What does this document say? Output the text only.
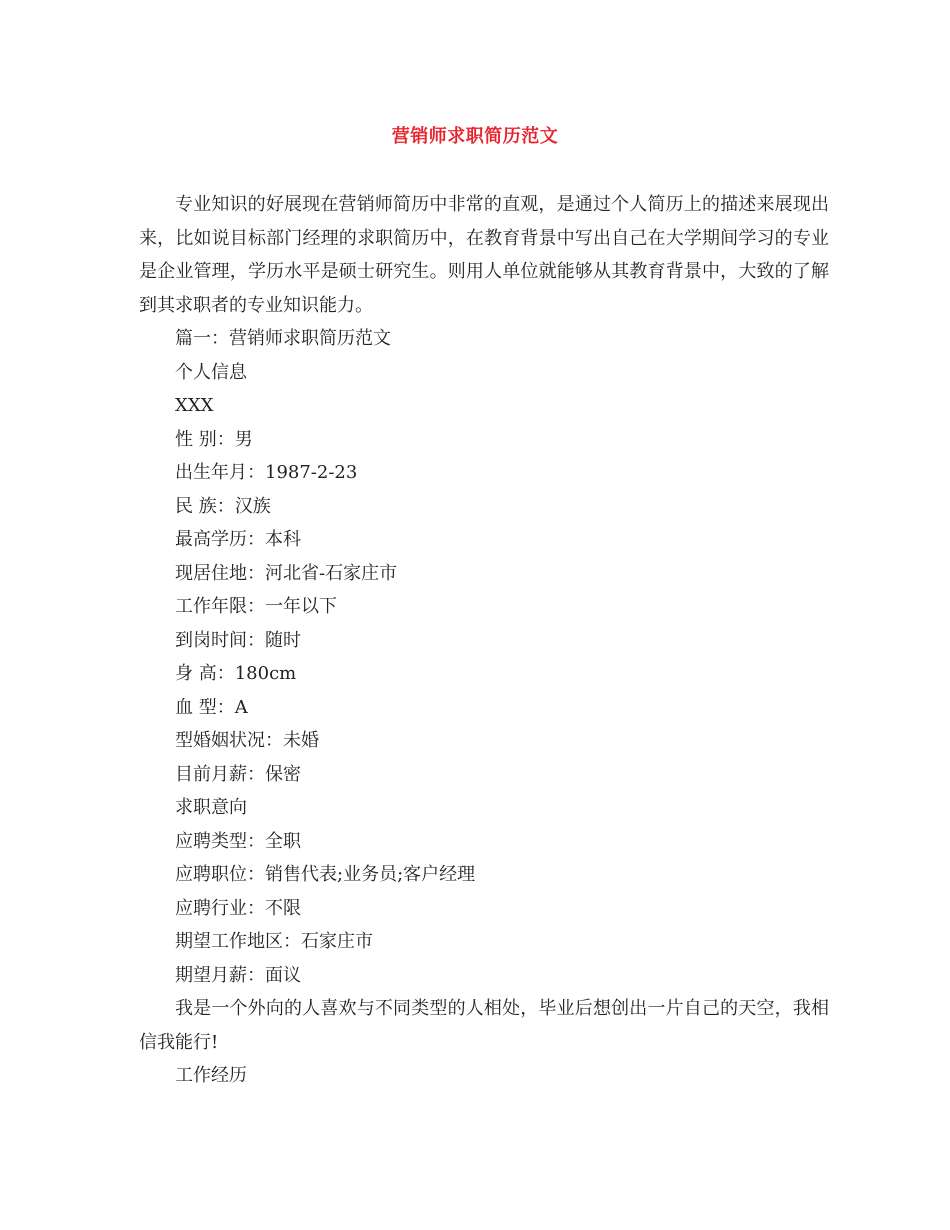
营销师求职简历范文

专业知识的好展现在营销师简历中非常的直观，是通过个人简历上的描述来展现出来，比如说目标部门经理的求职简历中，在教育背景中写出自己在大学期间学习的专业是企业管理，学历水平是硕士研究生。则用人单位就能够从其教育背景中，大致的了解到其求职者的专业知识能力。

篇一：营销师求职简历范文

个人信息

XXX

性 别：男

出生年月：1987-2-23

民 族：汉族

最高学历：本科

现居住地：河北省-石家庄市

工作年限：一年以下

到岗时间：随时

身 高：180cm

血 型：A

型婚姻状况：未婚

目前月薪：保密

求职意向

应聘类型：全职

应聘职位：销售代表;业务员;客户经理

应聘行业：不限

期望工作地区：石家庄市

期望月薪：面议

我是一个外向的人喜欢与不同类型的人相处，毕业后想创出一片自己的天空，我相信我能行!

工作经历
